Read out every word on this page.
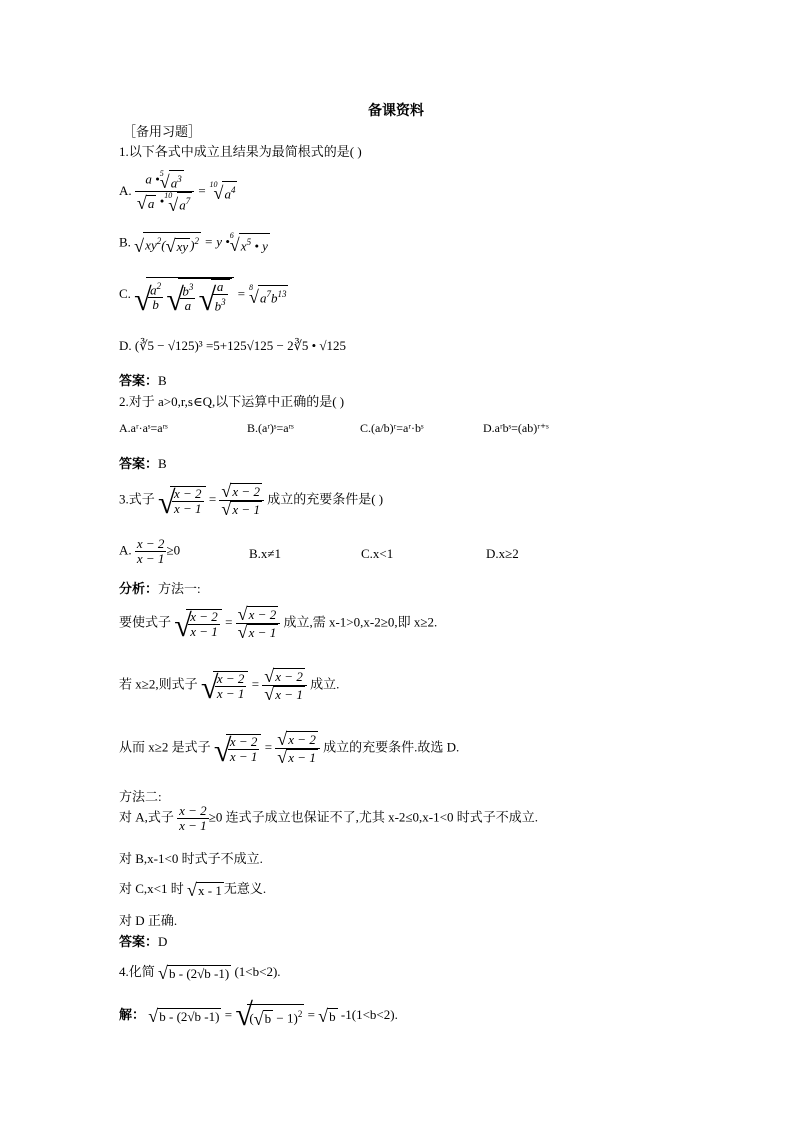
备课资料
［备用习题］
1.以下各式中成立且结果为最简根式的是( )
A. a •$^5$√ $a^3$
√ a •$^{10}$√ $a^7 = ^{10}√$ $a^4$
B. √ $xy^2(√$ xy )$^2$ = y •$^6$√ $x^5$ • y
C.
√ $\frac{a^2}{b}$

√ $\frac{b^3}{a}$

√ $\frac{a}{b^3} = ^8√$ $a^7b^{13}$
D. (∛5 − √125)³ =5+125√125 − 2∛5 • √125
答案：B
2.对于 a>0,r,s∈Q,以下运算中正确的是( )
A.aʳ·aˢ=aʳˢ	B.(aʳ)ˢ=aʳˢ	C.(a/b)ʳ=aʳ·bˢ	D.aʳbˢ=(ab)ʳ⁺ˢ
答案：B
3.式子
√ $\frac{x - 2}{x - 1}$ =
√ x − 2
√ x − 1 成立的充要条件是( )
A. $\frac{x - 2}{x - 1} \ge 0$	B.x≠1	C.x<1	D.x≥2
分析：方法一:
要使式子
√ $\frac{x - 2}{x - 1}$ =
√ x − 2
√ x − 1 成立,需 x-1>0,x-2≥0,即 x≥2.
若 x≥2,则式子
√ $\frac{x - 2}{x - 1}$ =
√ x − 2
√ x − 1 成立.
从而 x≥2 是式子
√ $\frac{x - 2}{x - 1}$ =
√ x − 2
√ x − 1 成立的充要条件.故选 D.
方法二:
对 A,式子 $\frac{x - 2}{x - 1} \ge 0$ 连式子成立也保证不了,尤其 x-2≤0,x-1<0 时式子不成立.
对 B,x-1<0 时式子不成立.
对 C,x<1 时 √ x - 1 无意义.
对 D 正确.
答案：D
4.化简 √ b - (2√b -1) (1<b<2).
解： √ b - (2√b -1) = √ (√ b − 1)$^2$ = √ b -1(1<b<2).
